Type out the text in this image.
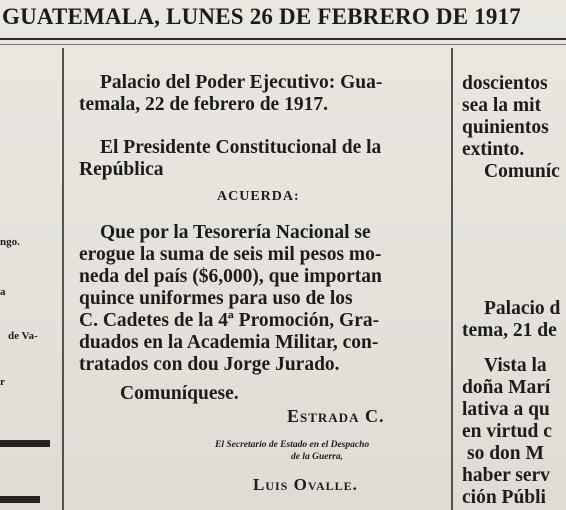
GUATEMALA, LUNES 26 DE FEBRERO DE 1917
ngo.
a
de Va-
r
Palacio del Poder Ejecutivo: Gua-
temala, 22 de febrero de 1917.
El Presidente Constitucional de la
República
ACUERDA:
Que por la Tesorería Nacional se
erogue la suma de seis mil pesos mo-
neda del país ($6,000), que importan
quince uniformes para uso de los
C. Cadetes de la 4ª Promoción, Gra-
duados en la Academia Militar, con-
tratados con dou Jorge Jurado.
Comuníquese.
Estrada C.
El Secretario de Estado en el Despacho
de la Guerra,
Luis Ovalle.
doscientos
sea la mit
quinientos
extinto.
Comuníc
Palacio d
tema, 21 de
Vista la
doña Marí
lativa a qu
en virtud c
so don M
haber serv
ción Públi
